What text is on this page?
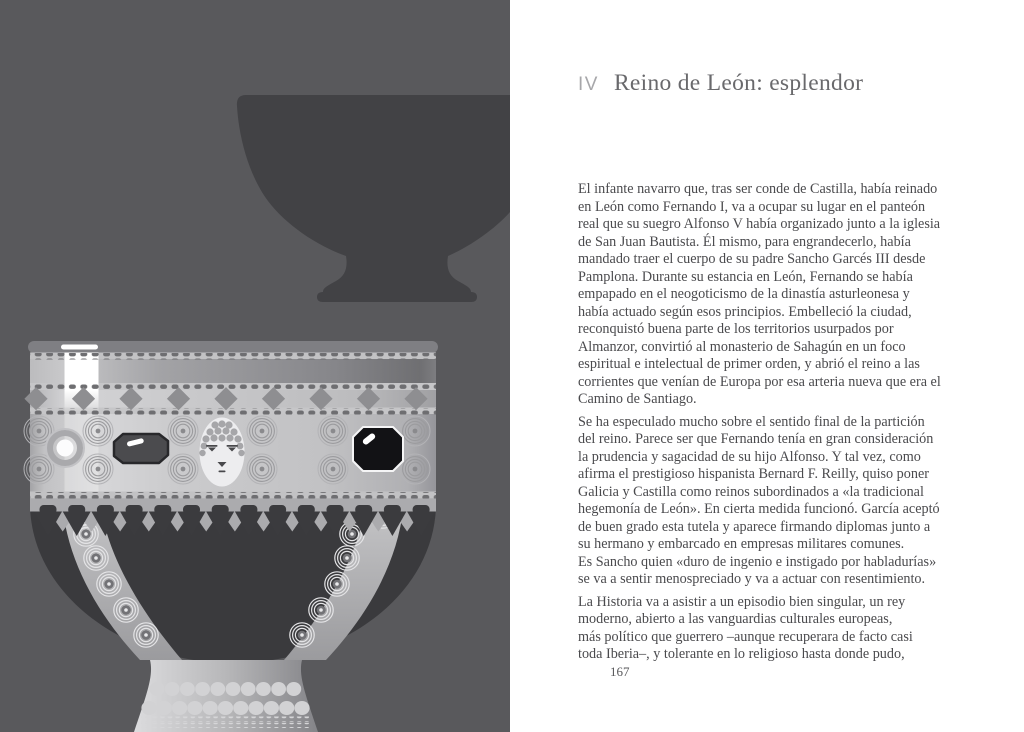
IV Reino de León: esplendor
El infante navarro que, tras ser conde de Castilla, había reinado
en León como Fernando I, va a ocupar su lugar en el panteón
real que su suegro Alfonso V había organizado junto a la iglesia
de San Juan Bautista. Él mismo, para engrandecerlo, había
mandado traer el cuerpo de su padre Sancho Garcés III desde
Pamplona. Durante su estancia en León, Fernando se había
empapado en el neogoticismo de la dinastía asturleonesa y
había actuado según esos principios. Embelleció la ciudad,
reconquistó buena parte de los territorios usurpados por
Almanzor, convirtió al monasterio de Sahagún en un foco
espiritual e intelectual de primer orden, y abrió el reino a las
corrientes que venían de Europa por esa arteria nueva que era el
Camino de Santiago.
Se ha especulado mucho sobre el sentido final de la partición
del reino. Parece ser que Fernando tenía en gran consideración
la prudencia y sagacidad de su hijo Alfonso. Y tal vez, como
afirma el prestigioso hispanista Bernard F. Reilly, quiso poner
Galicia y Castilla como reinos subordinados a «la tradicional
hegemonía de León». En cierta medida funcionó. García aceptó
de buen grado esta tutela y aparece firmando diplomas junto a
su hermano y embarcado en empresas militares comunes.
Es Sancho quien «duro de ingenio e instigado por habladurías»
se va a sentir menospreciado y va a actuar con resentimiento.
La Historia va a asistir a un episodio bien singular, un rey
moderno, abierto a las vanguardias culturales europeas,
más político que guerrero –aunque recuperara de facto casi
toda Iberia–, y tolerante en lo religioso hasta donde pudo,
167
